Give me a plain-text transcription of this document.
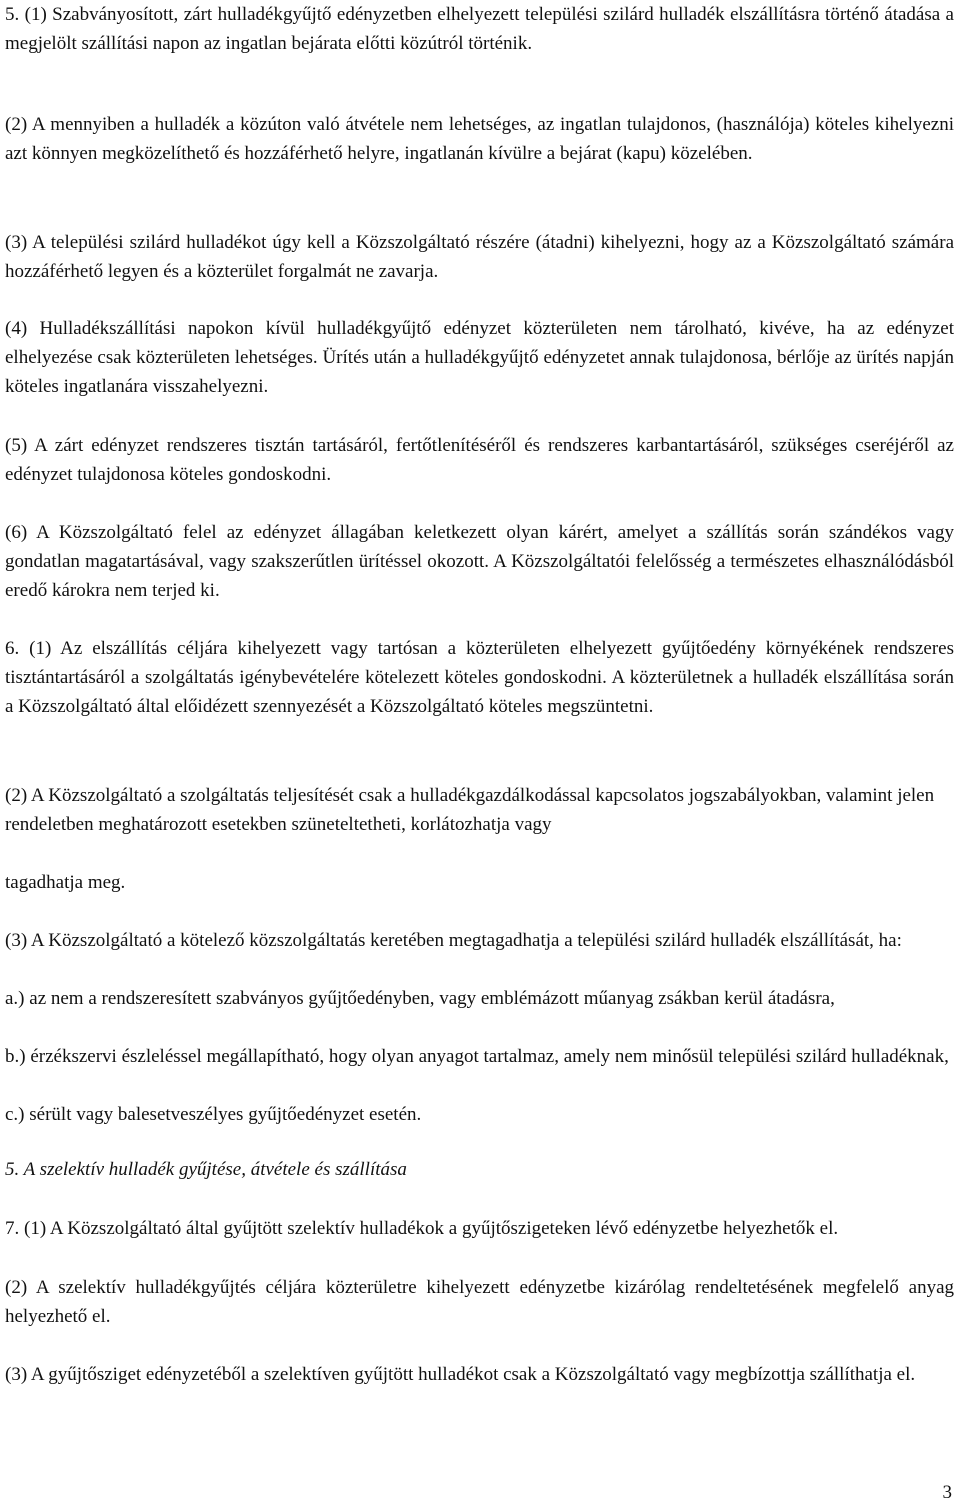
5. (1) Szabványosított, zárt hulladékgyűjtő edényzetben elhelyezett települési szilárd hulladék elszállításra történő átadása a megjelölt szállítási napon az ingatlan bejárata előtti közútról történik.

(2) A mennyiben a hulladék a közúton való átvétele nem lehetséges, az ingatlan tulajdonos, (használója) köteles kihelyezni azt könnyen megközelíthető és hozzáférhető helyre, ingatlanán kívülre a bejárat (kapu) közelében.

(3) A települési szilárd hulladékot úgy kell a Közszolgáltató részére (átadni) kihelyezni, hogy az a Közszolgáltató számára hozzáférhető legyen és a közterület forgalmát ne zavarja.

(4) Hulladékszállítási napokon kívül hulladékgyűjtő edényzet közterületen nem tárolható, kivéve, ha az edényzet elhelyezése csak közterületen lehetséges. Ürítés után a hulladékgyűjtő edényzetet annak tulajdonosa, bérlője az ürítés napján köteles ingatlanára visszahelyezni.

(5) A zárt edényzet rendszeres tisztán tartásáról, fertőtlenítéséről és rendszeres karbantartásáról, szükséges cseréjéről az edényzet tulajdonosa köteles gondoskodni.

(6) A Közszolgáltató felel az edényzet állagában keletkezett olyan kárért, amelyet a szállítás során szándékos vagy gondatlan magatartásával, vagy szakszerűtlen ürítéssel okozott. A Közszolgáltatói felelősség a természetes elhasználódásból eredő károkra nem terjed ki.

6. (1) Az elszállítás céljára kihelyezett vagy tartósan a közterületen elhelyezett gyűjtőedény környékének rendszeres tisztántartásáról a szolgáltatás igénybevételére kötelezett köteles gondoskodni. A közterületnek a hulladék elszállítása során a Közszolgáltató által előidézett szennyezését a Közszolgáltató köteles megszüntetni.

(2) A Közszolgáltató a szolgáltatás teljesítését csak a hulladékgazdálkodással kapcsolatos jogszabályokban, valamint jelen rendeletben meghatározott esetekben szüneteltetheti, korlátozhatja vagy

tagadhatja meg.

(3) A Közszolgáltató a kötelező közszolgáltatás keretében megtagadhatja a települési szilárd hulladék elszállítását, ha:

a.) az nem a rendszeresített szabványos gyűjtőedényben, vagy emblémázott műanyag zsákban kerül átadásra,

b.) érzékszervi észleléssel megállapítható, hogy olyan anyagot tartalmaz, amely nem minősül települési szilárd hulladéknak,

c.) sérült vagy balesetveszélyes gyűjtőedényzet esetén.

5. A szelektív hulladék gyűjtése, átvétele és szállítása

7. (1) A Közszolgáltató által gyűjtött szelektív hulladékok a gyűjtőszigeteken lévő edényzetbe helyezhetők el.

(2) A szelektív hulladékgyűjtés céljára közterületre kihelyezett edényzetbe kizárólag rendeltetésének megfelelő anyag helyezhető el.

(3) A gyűjtősziget edényzetéből a szelektíven gyűjtött hulladékot csak a Közszolgáltató vagy megbízottja szállíthatja el.

3
